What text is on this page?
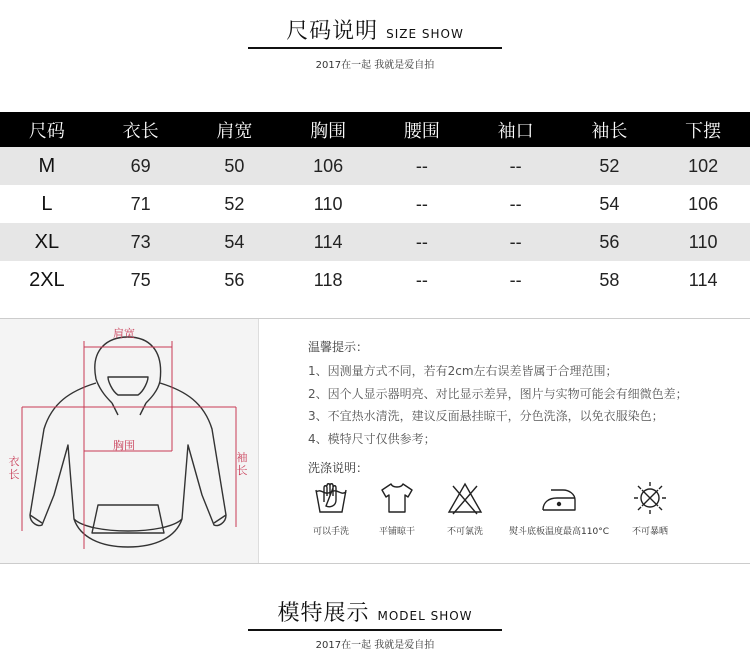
尺码说明 SIZE SHOW
2017在一起 我就是爱自拍
尺码	衣长	肩宽	胸围	腰围	袖口	袖长	下摆
M	69	50	106	--	--	52	102
L	71	52	110	--	--	54	106
XL	73	54	114	--	--	56	110
2XL	75	56	118	--	--	58	114
肩宽
胸围
衣长
袖长
温馨提示：
1、因测量方式不同，若有2cm左右误差皆属于合理范围；
2、因个人显示器明亮、对比显示差异，图片与实物可能会有细微色差；
3、不宜热水清洗，建议反面悬挂晾干，分色洗涤，以免衣服染色；
4、模特尺寸仅供参考；
洗涤说明：
可以手洗	平铺晾干	不可氯洗	熨斗底板温度最高110°C	不可暴晒
模特展示 MODEL SHOW
2017在一起 我就是爱自拍
